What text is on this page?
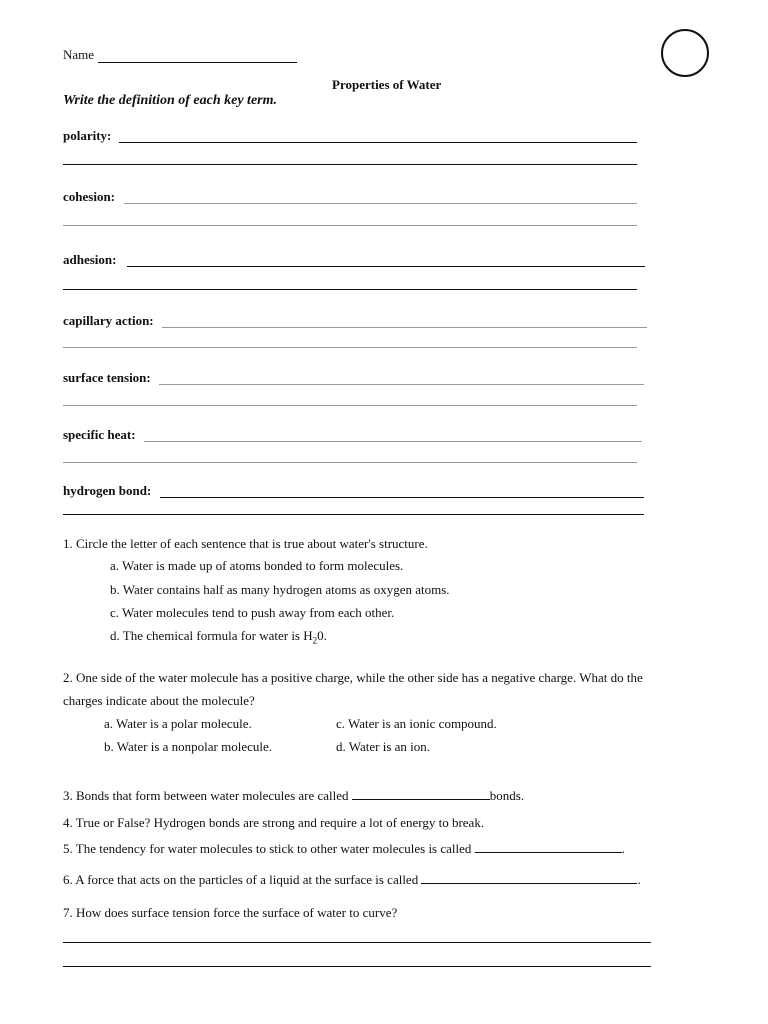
Name
Properties of Water
Write the definition of each key term.
polarity:
cohesion:
adhesion:
capillary action:
surface tension:
specific heat:
hydrogen bond:
1. Circle the letter of each sentence that is true about water's structure.
a. Water is made up of atoms bonded to form molecules.
b. Water contains half as many hydrogen atoms as oxygen atoms.
c. Water molecules tend to push away from each other.
d. The chemical formula for water is $H_20$.
2. One side of the water molecule has a positive charge, while the other side has a negative charge. What do the
charges indicate about the molecule?
a. Water is a polar molecule.	c. Water is an ionic compound.
b. Water is a nonpolar molecule.	d. Water is an ion.
3. Bonds that form between water molecules are called	bonds.
4. True or False? Hydrogen bonds are strong and require a lot of energy to break.
5. The tendency for water molecules to stick to other water molecules is called	.
6. A force that acts on the particles of a liquid at the surface is called	.
7. How does surface tension force the surface of water to curve?
